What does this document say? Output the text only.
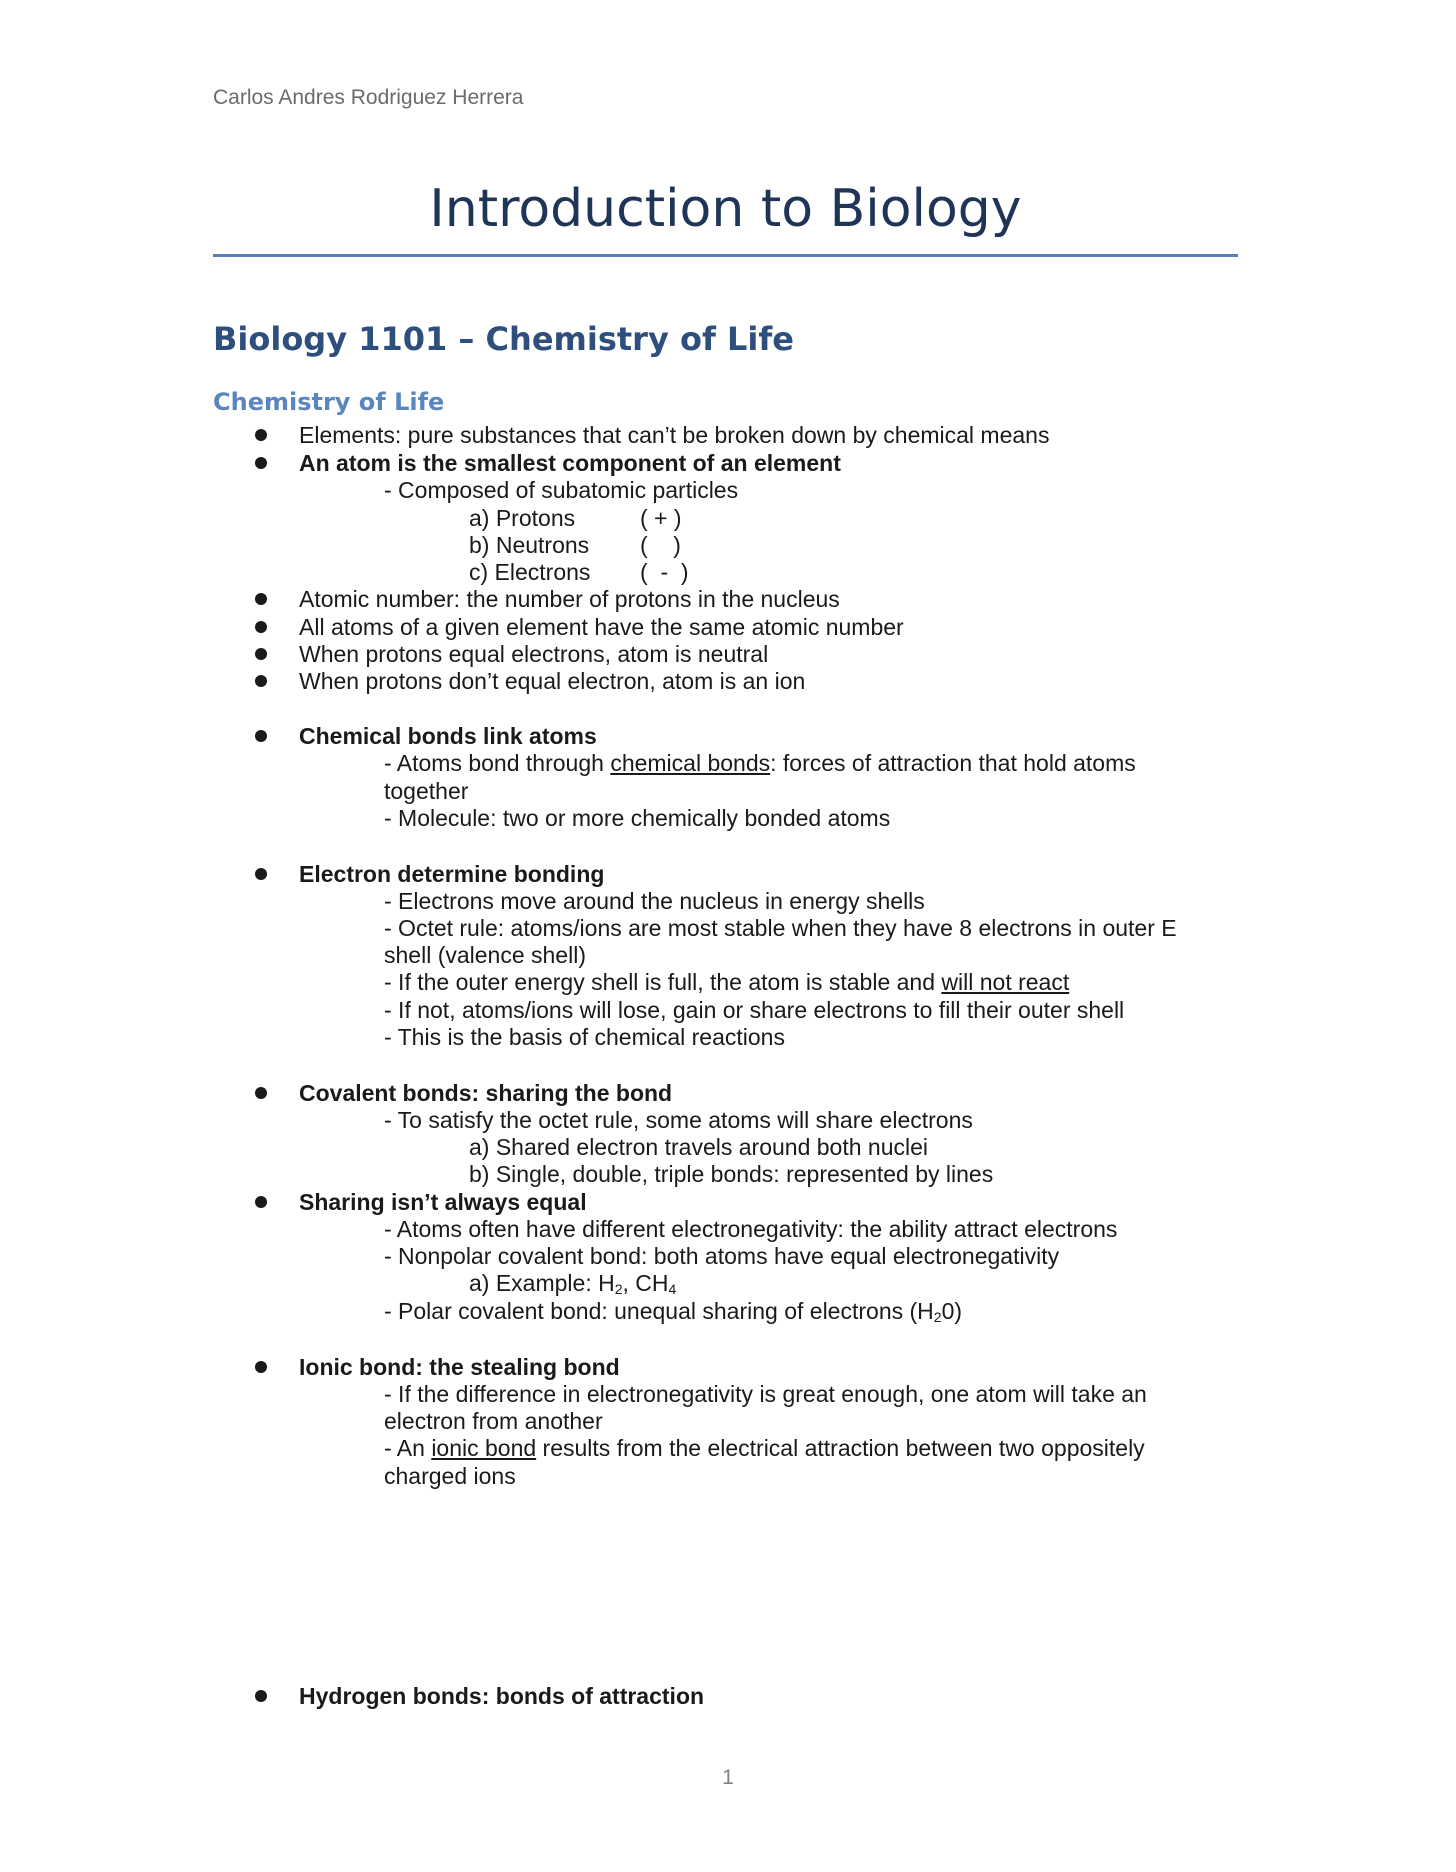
Carlos Andres Rodriguez Herrera
Introduction to Biology
Biology 1101 – Chemistry of Life
Chemistry of Life
Elements: pure substances that can’t be broken down by chemical means
An atom is the smallest component of an element
- Composed of subatomic particles
a) Protons	( + )
b) Neutrons (    )
c) Electrons (  -  )
Atomic number: the number of protons in the nucleus
All atoms of a given element have the same atomic number
When protons equal electrons, atom is neutral
When protons don’t equal electron, atom is an ion
Chemical bonds link atoms
- Atoms bond through chemical bonds: forces of attraction that hold atoms
together
- Molecule: two or more chemically bonded atoms
Electron determine bonding
- Electrons move around the nucleus in energy shells
- Octet rule: atoms/ions are most stable when they have 8 electrons in outer E
shell (valence shell)
- If the outer energy shell is full, the atom is stable and will not react
- If not, atoms/ions will lose, gain or share electrons to fill their outer shell
- This is the basis of chemical reactions
Covalent bonds: sharing the bond
- To satisfy the octet rule, some atoms will share electrons
a) Shared electron travels around both nuclei
b) Single, double, triple bonds: represented by lines
Sharing isn’t always equal
- Atoms often have different electronegativity: the ability attract electrons
- Nonpolar covalent bond: both atoms have equal electronegativity
a) Example: $H_2$, $CH_4$
- Polar covalent bond: unequal sharing of electrons $(H_20)$
Ionic bond: the stealing bond
- If the difference in electronegativity is great enough, one atom will take an
electron from another
- An ionic bond results from the electrical attraction between two oppositely
charged ions
Hydrogen bonds: bonds of attraction
1
